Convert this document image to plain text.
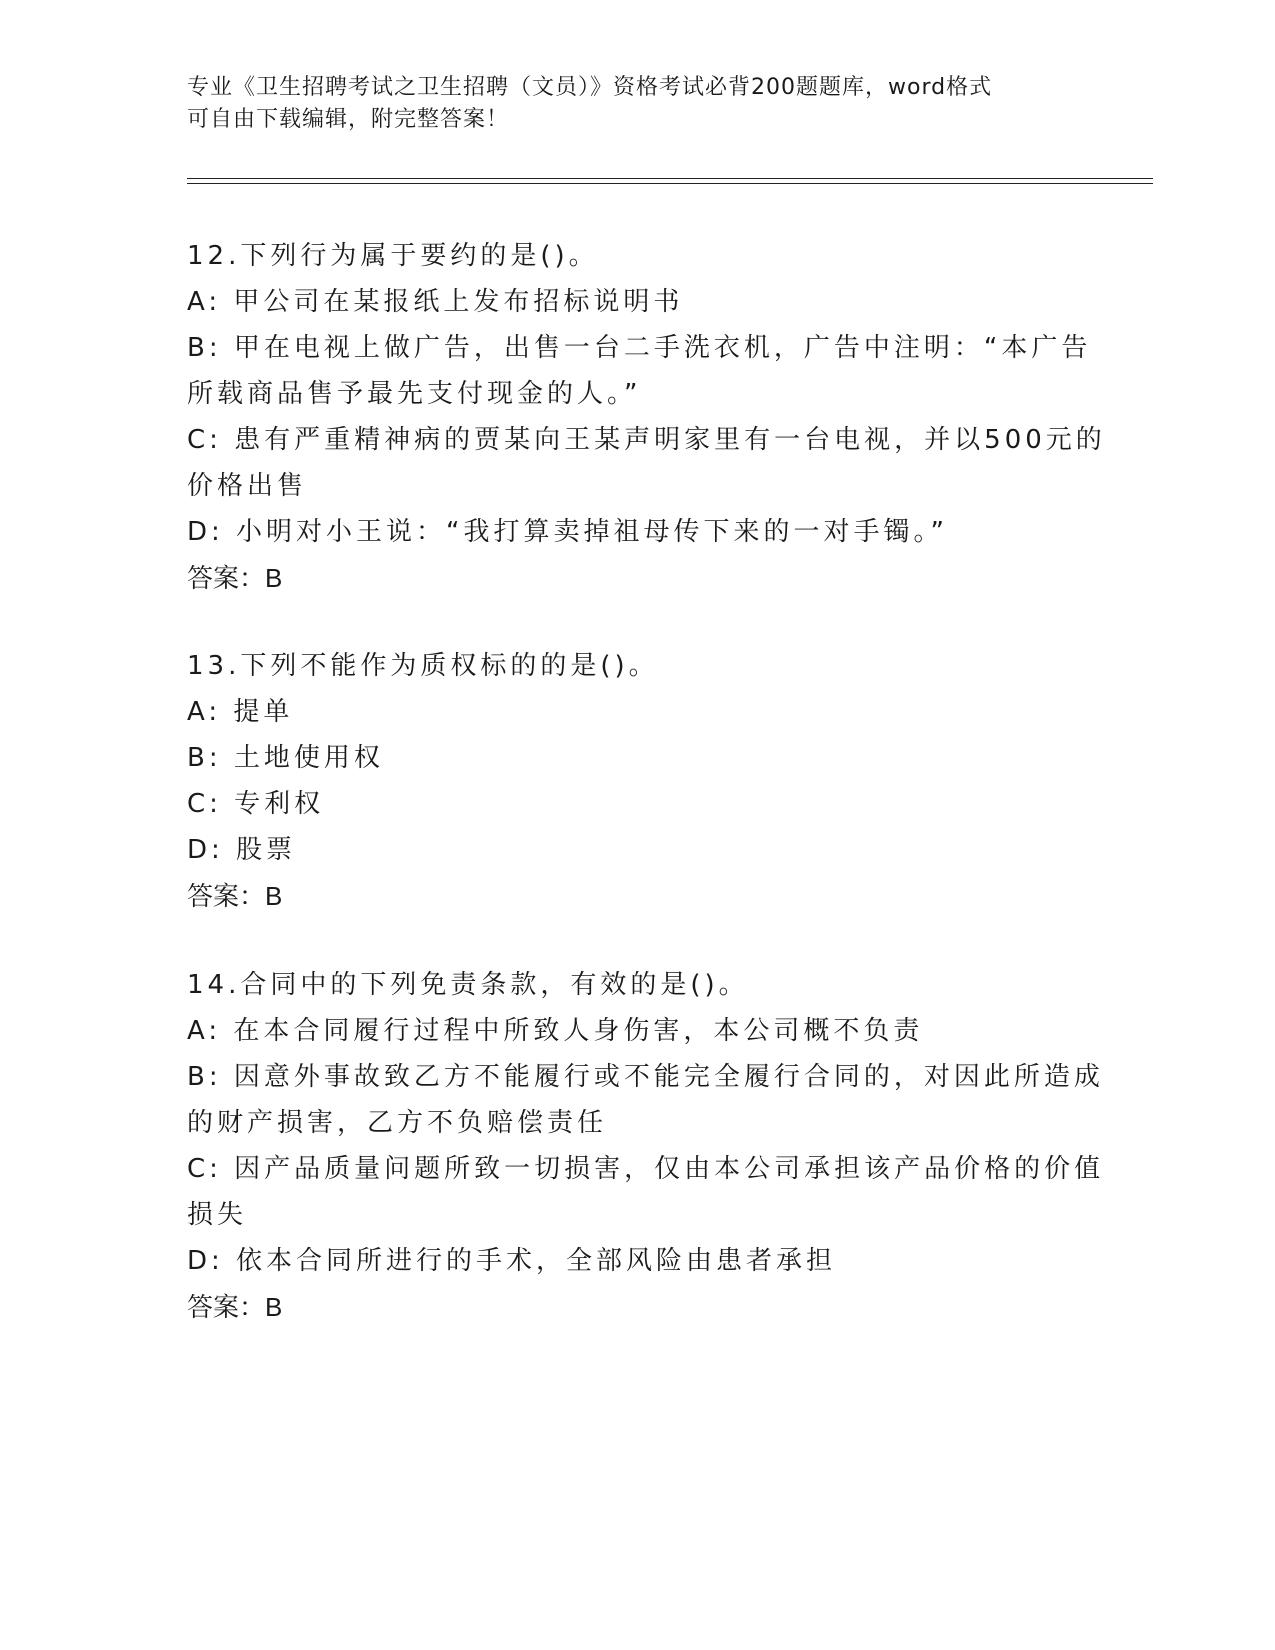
专业《卫生招聘考试之卫生招聘（文员）》资格考试必背200题题库，word格式
可自由下载编辑，附完整答案！
12.下列行为属于要约的是()。
A: 甲公司在某报纸上发布招标说明书
B: 甲在电视上做广告，出售一台二手洗衣机，广告中注明：“本广告
所载商品售予最先支付现金的人。”
C: 患有严重精神病的贾某向王某声明家里有一台电视，并以500元的
价格出售
D: 小明对小王说：“我打算卖掉祖母传下来的一对手镯。”
答案：B
13.下列不能作为质权标的的是()。
A: 提单
B: 土地使用权
C: 专利权
D: 股票
答案：B
14.合同中的下列免责条款，有效的是()。
A: 在本合同履行过程中所致人身伤害，本公司概不负责
B: 因意外事故致乙方不能履行或不能完全履行合同的，对因此所造成
的财产损害，乙方不负赔偿责任
C: 因产品质量问题所致一切损害，仅由本公司承担该产品价格的价值
损失
D: 依本合同所进行的手术，全部风险由患者承担
答案：B
